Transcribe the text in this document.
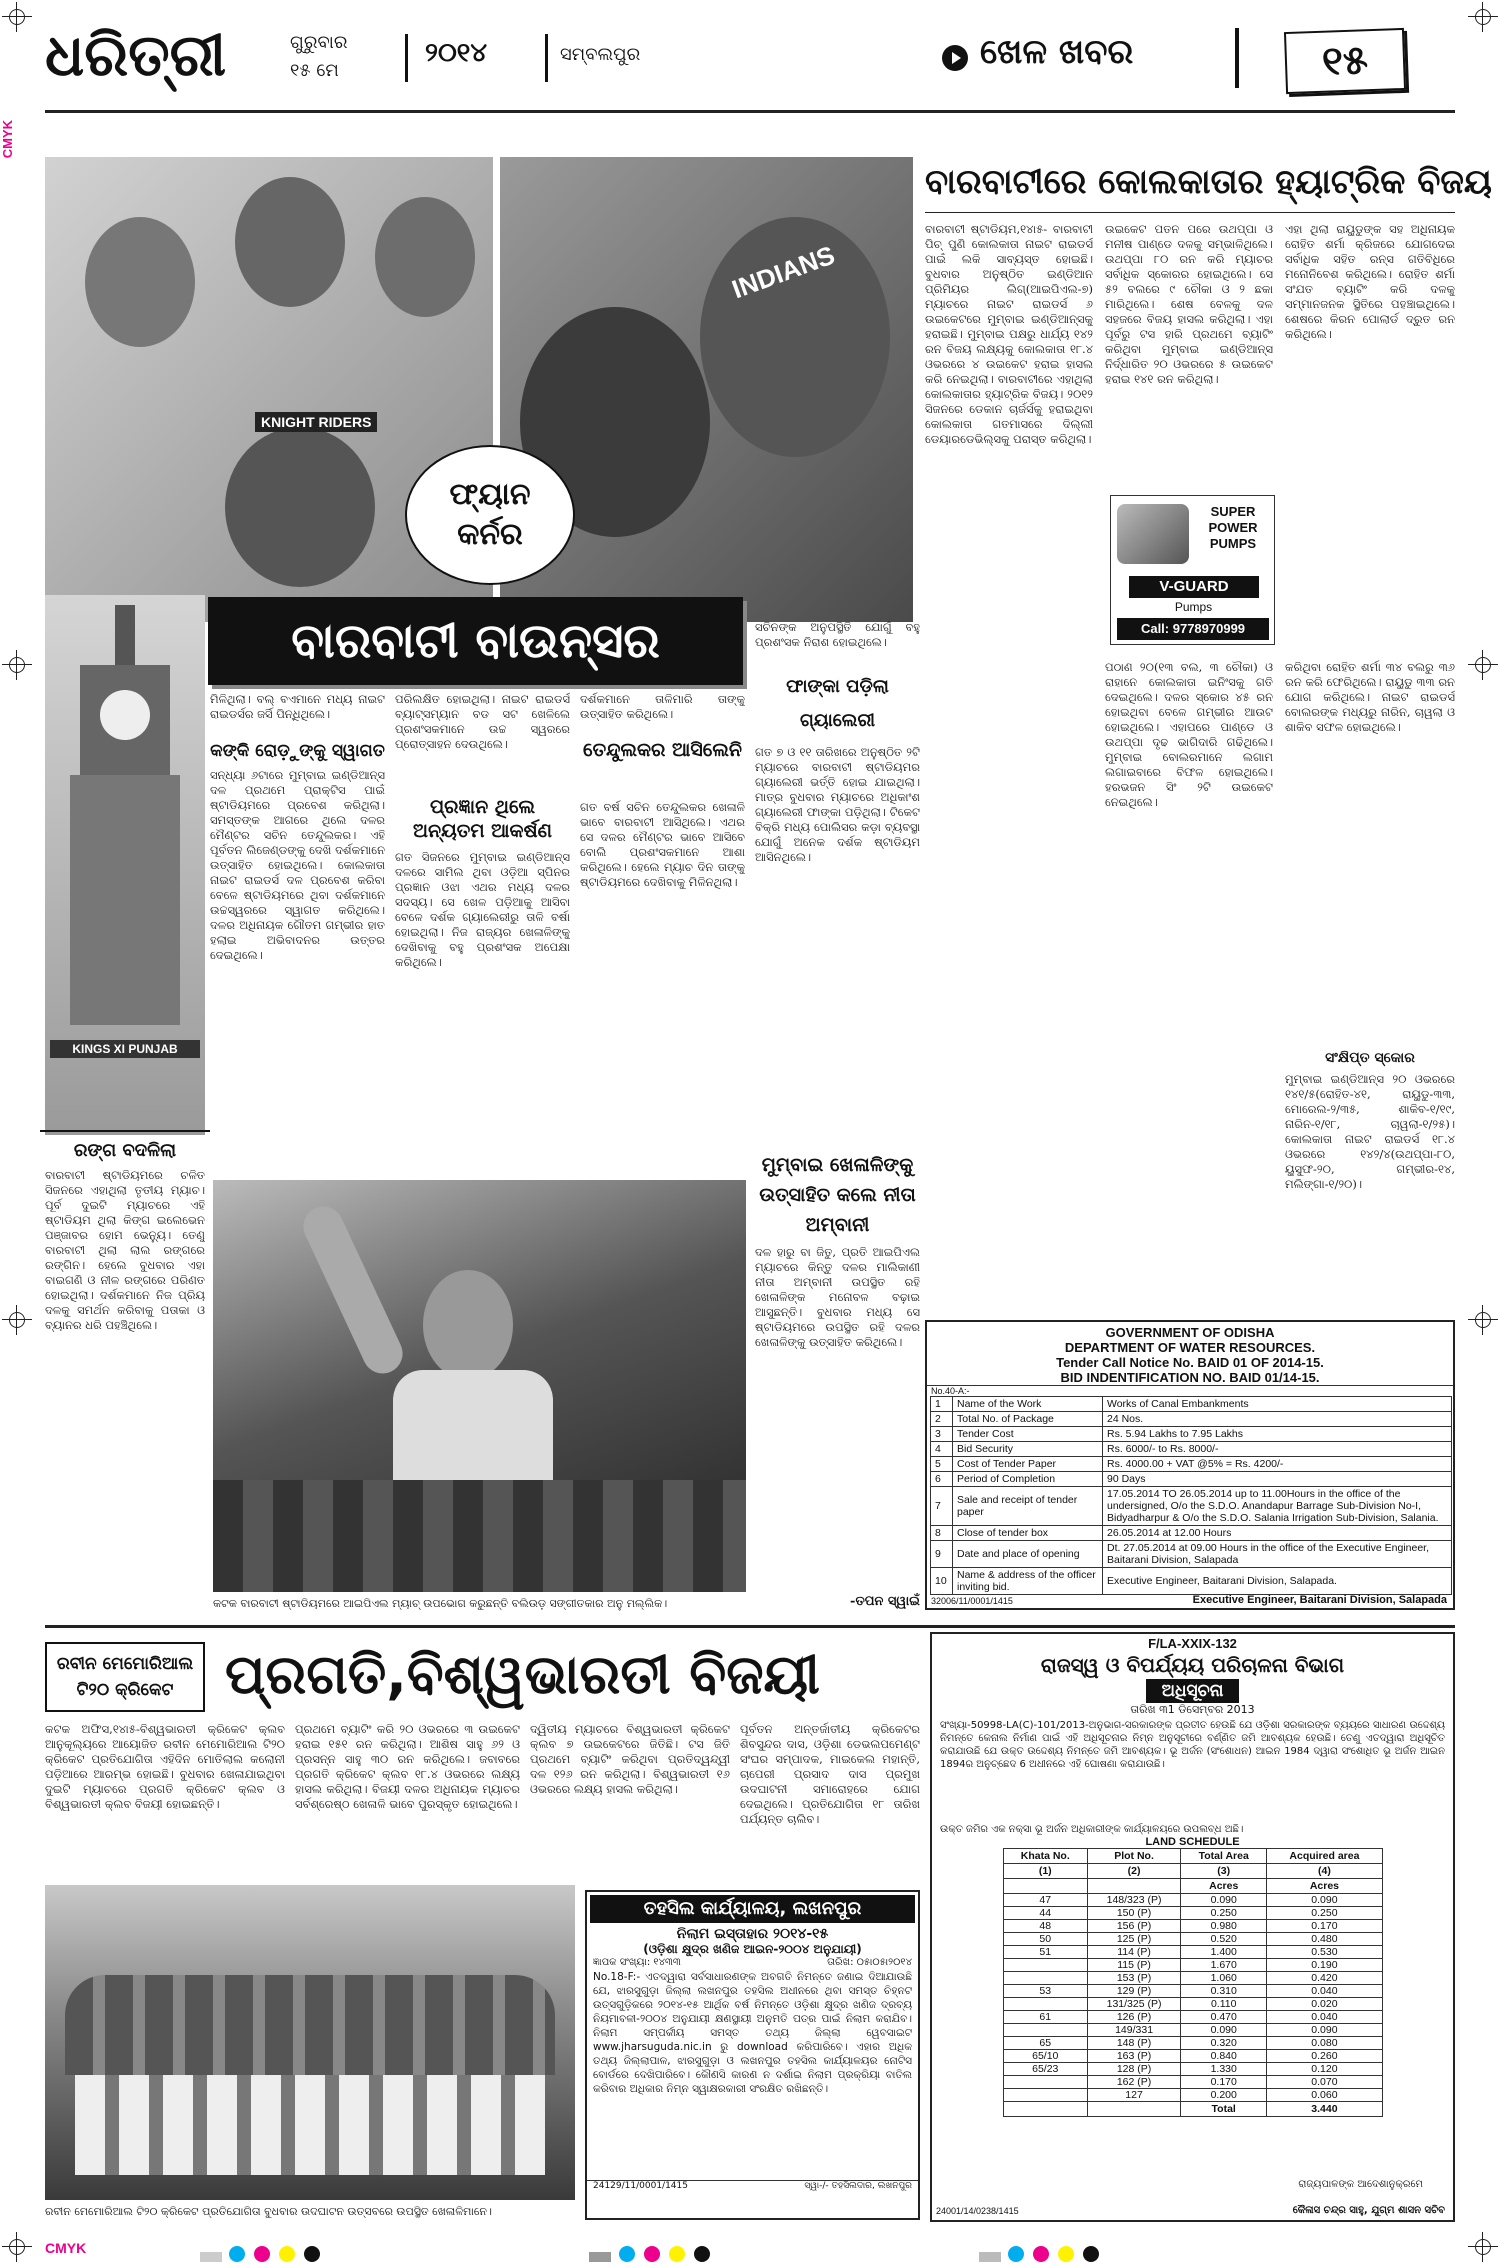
CMYK
ଧରିତ୍ରୀ	ଗୁରୁବାର
୧୫ ମେ
୨୦୧୪	ସମ୍ବଲପୁର	ଖେଳ ଖବର	୧୫
KNIGHT RIDERS
INDIANS
ଫ୍ୟାନ କର୍ନର
ବାରବାଟୀରେ କୋଲକାତାର ହ୍ୟାଟ୍ରିକ ବିଜୟ
ବାରବାଟୀ ଷ୍ଟାଡିୟମ,୧୪ା୫- ବାରବାଟୀ ପିଚ୍ ପୁଣି କୋଲକାତା ନାଇଟ ରାଇଡର୍ସ ପାଇଁ ଲକି ସାବ୍ୟସ୍ତ ହୋଇଛି। ବୁଧବାର ଅନୁଷ୍ଠିତ ଇଣ୍ଡିଆନ ପ୍ରିମିୟର ଲିଗ୍(ଆଇପିଏଲ-୭) ମ୍ୟାଚରେ ନାଇଟ ରାଇଡର୍ସ ୬ ଉଇକେଟରେ ମୁମ୍ବାଇ ଇଣ୍ଡିଆନ୍ସକୁ ହରାଇଛି। ମୁମ୍ବାଇ ପକ୍ଷରୁ ଧାର୍ଯ୍ୟ ୧୪୨ ରନ ବିଜୟ ଲକ୍ଷ୍ୟକୁ କୋଲକାତା ୧୮.୪ ଓଭରରେ ୪ ଉଇକେଟ ହରାଇ ହାସଲ କରି ନେଇଥିଲା। ବାରବାଟୀରେ ଏହାଥିଲା କୋଲକାତାର ହ୍ୟାଟ୍ରିକ ବିଜୟ। ୨୦୧୨ ସିଜନରେ ଡେକାନ ଚାର୍ଜର୍ସକୁ ହରାଇଥିବା କୋଲକାତା ଗତମାସରେ ଦିଲ୍ଲୀ ଡେୟାରଡେଭିଲ୍ସକୁ ପରାସ୍ତ କରିଥିଲା।
ଉଇକେଟ ପତନ ପରେ ଉଥପ୍ପା ଓ ମନୀଷ ପାଣ୍ଡେ ଦଳକୁ ସମ୍ଭାଳିଥିଲେ। ଉଥପ୍ପା ୮୦ ରନ କରି ମ୍ୟାଚର ସର୍ବାଧିକ ସ୍କୋରର ହୋଇଥିଲେ। ସେ ୫୨ ବଲରେ ୯ ଚୌକା ଓ ୨ ଛକା ମାରିଥିଲେ। ଶେଷ ବେଳକୁ ଦଳ ସହଜରେ ବିଜୟ ହାସଲ କରିଥିଲା। ଏହା ପୂର୍ବରୁ ଟସ ହାରି ପ୍ରଥମେ ବ୍ୟାଟିଂ କରିଥିବା ମୁମ୍ବାଇ ଇଣ୍ଡିଆନ୍ସ ନିର୍ଦ୍ଧାରିତ ୨୦ ଓଭରରେ ୫ ଉଇକେଟ ହରାଇ ୧୪୧ ରନ କରିଥିଲା।
ଏହା ଥିଲା ରାୟୁଡୁଙ୍କ ସହ ଅଧିନାୟକ ରୋହିତ ଶର୍ମା କ୍ରିଜରେ ଯୋଗଦେଇ ସର୍ବାଧିକ ସହିତ ରନ୍ସ ଗତିବିଧିରେ ମନୋନିବେଶ କରିଥିଲେ। ରୋହିତ ଶର୍ମା ସଂଯତ ବ୍ୟାଟିଂ କରି ଦଳକୁ ସମ୍ମାନଜନକ ସ୍ଥିତିରେ ପହଞ୍ଚାଇଥିଲେ। ଶେଷରେ କିରନ ପୋଲାର୍ଡ ଦ୍ରୁତ ରନ କରିଥିଲେ।
SUPER POWER PUMPS
V-GUARD
Pumps
Call: 9778970999
ପଠାଣ ୨୦(୧୩ ବଲ, ୩ ଚୌକା) ଓ ରାହାନେ କୋଲକାତା ଇନିଂସକୁ ଗତି ଦେଇଥିଲେ। ଦଳର ସ୍କୋର ୪୫ ରନ ହୋଇଥିବା ବେଳେ ଗମ୍ଭୀର ଆଉଟ ହୋଇଥିଲେ। ଏହାପରେ ପାଣ୍ଡେ ଓ ଉଥପ୍ପା ଦୃଢ ଭାଗିଦାରି ଗଢିଥିଲେ। ମୁମ୍ବାଇ ବୋଲରମାନେ ଲଗାମ ଲଗାଇବାରେ ବିଫଳ ହୋଇଥିଲେ। ହରଭଜନ ସିଂ ୨ଟି ଉଇକେଟ ନେଇଥିଲେ।
କରିଥିବା ରୋହିତ ଶର୍ମା ୩୪ ବଲରୁ ୩୬ ରନ କରି ଫେରିଥିଲେ। ରାୟୁଡୁ ୩୩ ରନ ଯୋଗ କରିଥିଲେ। ନାଇଟ ରାଇଡର୍ସ ବୋଲରଙ୍କ ମଧ୍ୟରୁ ନାରିନ, ଚାୱଲା ଓ ଶାକିବ ସଫଳ ହୋଇଥିଲେ।
ସଂକ୍ଷିପ୍ତ ସ୍କୋର
ମୁମ୍ବାଇ ଇଣ୍ଡିଆନ୍ସ ୨୦ ଓଭରରେ ୧୪୧/୫(ରୋହିତ-୪୧, ରାୟୁଡୁ-୩୩, ମୋରେଲ-୨/୩୫, ଶାକିବ-୧/୧୯, ନାରିନ-୧/୧୮, ଚାୱଲା-୧/୨୫)। କୋଲକାତା ନାଇଟ ରାଇଡର୍ସ ୧୮.୪ ଓଭରରେ ୧୪୨/୪(ଉଥପ୍ପା-୮୦, ୟୁସୁଫ-୨୦, ଗମ୍ଭୀର-୧୪, ମଲିଙ୍ଗା-୧/୨୦)।
KINGS XI PUNJAB
ବାରବାଟୀ ବାଉନ୍ସର
ମିଳିଥିଲା। ବଲ୍ ବଏମାନେ ମଧ୍ୟ ନାଇଟ ରାଇଡର୍ସର ଜର୍ସି ପିନ୍ଧିଥିଲେ।
କଙ୍କି ରୋଡ଼ୁଙ୍କୁ ସ୍ୱାଗତ
ସନ୍ଧ୍ୟା ୬ଟାରେ ମୁମ୍ବାଇ ଇଣ୍ଡିଆନ୍ସ ଦଳ ପ୍ରଥମେ ପ୍ରାକ୍ଟିସ ପାଇଁ ଷ୍ଟାଡିୟମରେ ପ୍ରବେଶ କରିଥିଲା। ସମସ୍ତଙ୍କ ଆଗରେ ଥିଲେ ଦଳର ମୈଣ୍ଟର ସଚିନ ତେନ୍ଦୁଲକର। ଏହି ପୂର୍ବତନ ଲିଜେଣ୍ଡଙ୍କୁ ଦେଖି ଦର୍ଶକମାନେ ଉତ୍ସାହିତ ହୋଇଥିଲେ। କୋଲକାତା ନାଇଟ ରାଇଡର୍ସ ଦଳ ପ୍ରବେଶ କରିବା ବେଳେ ଷ୍ଟାଡିୟମରେ ଥିବା ଦର୍ଶକମାନେ ଉଚ୍ଚସ୍ୱରରେ ସ୍ୱାଗତ କରିଥିଲେ। ଦଳର ଅଧିନାୟକ ଗୌତମ ଗମ୍ଭୀର ହାତ ହଲାଇ ଅଭିବାଦନର ଉତ୍ତର ଦେଇଥିଲେ।
ପରିଲକ୍ଷିତ ହୋଇଥିଲା। ନାଇଟ ରାଇଡର୍ସ ବ୍ୟାଟ୍ସମ୍ୟାନ ବଡ ସଟ ଖେଳିଲେ ପ୍ରଶଂସକମାନେ ଉଚ୍ଚ ସ୍ୱରରେ ପ୍ରୋତ୍ସାହନ ଦେଉଥିଲେ।
ପ୍ରଜ୍ଞାନ ଥିଲେ ଅନ୍ୟତମ ଆକର୍ଷଣ
ଗତ ସିଜନରେ ମୁମ୍ବାଇ ଇଣ୍ଡିଆନ୍ସ ଦଳରେ ସାମିଲ ଥିବା ଓଡ଼ିଆ ସ୍ପିନର ପ୍ରଜ୍ଞାନ ଓଝା ଏଥର ମଧ୍ୟ ଦଳର ସଦସ୍ୟ। ସେ ଖେଳ ପଡ଼ିଆକୁ ଆସିବା ବେଳେ ଦର୍ଶକ ଗ୍ୟାଲେରୀରୁ ତାଳି ବର୍ଷା ହୋଇଥିଲା। ନିଜ ରାଜ୍ୟର ଖେଳାଳିଙ୍କୁ ଦେଖିବାକୁ ବହୁ ପ୍ରଶଂସକ ଅପେକ୍ଷା କରିଥିଲେ।
ଦର୍ଶକମାନେ ତାଳିମାରି ତାଙ୍କୁ ଉତ୍ସାହିତ କରିଥିଲେ।
ତେନ୍ଦୁଲକର ଆସିଲେନି
ଗତ ବର୍ଷ ସଚିନ ତେନ୍ଦୁଲକର ଖେଳାଳି ଭାବେ ବାରବାଟୀ ଆସିଥିଲେ। ଏଥର ସେ ଦଳର ମୈଣ୍ଟର ଭାବେ ଆସିବେ ବୋଲି ପ୍ରଶଂସକମାନେ ଆଶା କରିଥିଲେ। ହେଲେ ମ୍ୟାଚ ଦିନ ତାଙ୍କୁ ଷ୍ଟାଡିୟମରେ ଦେଖିବାକୁ ମିଳିନଥିଲା।
ସଚିନଙ୍କ ଅନୁପସ୍ଥିତି ଯୋଗୁଁ ବହୁ ପ୍ରଶଂସକ ନିରାଶ ହୋଇଥିଲେ।
ଫାଙ୍କା ପଡ଼ିଲା ଗ୍ୟାଲେରୀ
ଗତ ୭ ଓ ୧୧ ତାରିଖରେ ଅନୁଷ୍ଠିତ ୨ଟି ମ୍ୟାଚରେ ବାରବାଟୀ ଷ୍ଟାଡିୟମର ଗ୍ୟାଲେରୀ ଭର୍ତ୍ତି ହୋଇ ଯାଇଥିଲା। ମାତ୍ର ବୁଧବାର ମ୍ୟାଚରେ ଅଧିକାଂଶ ଗ୍ୟାଲେରୀ ଫାଙ୍କା ପଡ଼ିଥିଲା। ଟିକେଟ ବିକ୍ରି ମଧ୍ୟ ପୋଲିସର କଡ଼ା ବ୍ୟବସ୍ଥା ଯୋଗୁଁ ଅନେକ ଦର୍ଶକ ଷ୍ଟାଡିୟମ ଆସିନଥିଲେ।
ରଙ୍ଗ ବଦଳିଲା
ବାରବାଟୀ ଷ୍ଟାଡିୟମରେ ଚଳିତ ସିଜନରେ ଏହାଥିଲା ତୃତୀୟ ମ୍ୟାଚ। ପୂର୍ବ ଦୁଇଟି ମ୍ୟାଚରେ ଏହି ଷ୍ଟାଡିୟମ ଥିଲା କିଙ୍ଗ ଇଲେଭେନ ପଞ୍ଜାବର ହୋମ ଭେନ୍ୟୁ। ତେଣୁ ବାରବାଟୀ ଥିଲା ଲାଲ ରଙ୍ଗରେ ରଙ୍ଗିନ। ହେଲେ ବୁଧବାର ଏହା ବାଇଗଣି ଓ ନୀଳ ରଙ୍ଗରେ ପରିଣତ ହୋଇଥିଲା। ଦର୍ଶକମାନେ ନିଜ ପ୍ରିୟ ଦଳକୁ ସମର୍ଥନ କରିବାକୁ ପତାକା ଓ ବ୍ୟାନର ଧରି ପହଞ୍ଚିଥିଲେ।
କଟକ ବାରବାଟୀ ଷ୍ଟାଡିୟମରେ ଆଇପିଏଲ ମ୍ୟାଚ୍ ଉପଭୋଗ କରୁଛନ୍ତି ବଲିଉଡ଼ ସଙ୍ଗୀତକାର ଅନୁ ମଲ୍ଲିକ।
ମୁମ୍ବାଇ ଖେଳାଳିଙ୍କୁ ଉତ୍ସାହିତ କଲେ ନୀତା ଅମ୍ବାନୀ
ଦଳ ହାରୁ ବା ଜିତୁ, ପ୍ରତି ଆଇପିଏଲ ମ୍ୟାଚରେ କିନ୍ତୁ ଦଳର ମାଲିକାଣୀ ନୀତା ଅମ୍ବାନୀ ଉପସ୍ଥିତ ରହି ଖେଳାଳିଙ୍କ ମନୋବଳ ବଢ଼ାଇ ଆସୁଛନ୍ତି। ବୁଧବାର ମଧ୍ୟ ସେ ଷ୍ଟାଡିୟମରେ ଉପସ୍ଥିତ ରହି ଦଳର ଖେଳାଳିଙ୍କୁ ଉତ୍ସାହିତ କରିଥିଲେ।
-ତପନ ସ୍ୱାଇଁ
GOVERNMENT OF ODISHA
DEPARTMENT OF WATER RESOURCES.
Tender Call Notice No. BAID 01 OF 2014-15.
BID INDENTIFICATION NO. BAID 01/14-15.
No.40-A:-
1	Name of the Work	Works of Canal Embankments
2	Total No. of Package	24 Nos.
3	Tender Cost	Rs. 5.94 Lakhs to 7.95 Lakhs
4	Bid Security	Rs. 6000/- to Rs. 8000/-
5	Cost of Tender Paper	Rs. 4000.00 + VAT @5% = Rs. 4200/-
6	Period of Completion	90 Days
7	Sale and receipt of tender paper	17.05.2014 TO 26.05.2014 up to 11.00Hours in the office of the undersigned, O/o the S.D.O. Anandapur Barrage Sub-Division No-I, Bidyadharpur & O/o the S.D.O. Salania Irrigation Sub-Division, Salania.
8	Close of tender box	26.05.2014 at 12.00 Hours
9	Date and place of opening	Dt. 27.05.2014 at 09.00 Hours in the office of the Executive Engineer, Baitarani Division, Salapada
10	Name & address of the officer inviting bid.	Executive Engineer, Baitarani Division, Salapada.
32006/11/0001/1415	Executive Engineer, Baitarani Division, Salapada
ରବୀନ ମେମୋରିଆଲ ଟି୨୦ କ୍ରିକେଟ ପ୍ରଗତି,ବିଶ୍ୱଭାରତୀ ବିଜୟୀ
କଟକ ଅଫିସ,୧୪ା୫-ବିଶ୍ୱଭାରତୀ କ୍ରିକେଟ କ୍ଲବ ଆନୁକୂଲ୍ୟରେ ଆୟୋଜିତ ରବୀନ ମେମୋରିଆଲ ଟି୨୦ କ୍ରିକେଟ ପ୍ରତିଯୋଗିତା ଏହିଦିନ ମୋତିଲାଲ କଲୋନୀ ପଡ଼ିଆରେ ଆରମ୍ଭ ହୋଇଛି। ବୁଧବାର ଖେଳାଯାଇଥିବା ଦୁଇଟି ମ୍ୟାଚରେ ପ୍ରଗତି କ୍ରିକେଟ କ୍ଲବ ଓ ବିଶ୍ୱଭାରତୀ କ୍ଲବ ବିଜୟୀ ହୋଇଛନ୍ତି।
ପ୍ରଥମେ ବ୍ୟାଟିଂ କରି ୨୦ ଓଭରରେ ୩ ଉଇକେଟ ହରାଇ ୧୫୧ ରନ କରିଥିଲା। ଆଶିଷ ସାହୁ ୬୨ ଓ ପ୍ରସନ୍ନ ସାହୁ ୩୦ ରନ କରିଥିଲେ। ଜବାବରେ ପ୍ରଗତି କ୍ରିକେଟ କ୍ଲବ ୧୮.୪ ଓଭରରେ ଲକ୍ଷ୍ୟ ହାସଲ କରିଥିଲା। ବିଜୟୀ ଦଳର ଅଧିନାୟକ ମ୍ୟାଚର ସର୍ବଶ୍ରେଷ୍ଠ ଖେଳାଳି ଭାବେ ପୁରସ୍କୃତ ହୋଇଥିଲେ।
ଦ୍ୱିତୀୟ ମ୍ୟାଚରେ ବିଶ୍ୱଭାରତୀ କ୍ରିକେଟ କ୍ଲବ ୭ ଉଇକେଟରେ ଜିତିଛି। ଟସ ଜିତି ପ୍ରଥମେ ବ୍ୟାଟିଂ କରିଥିବା ପ୍ରତିଦ୍ୱନ୍ଦ୍ୱୀ ଦଳ ୧୨୬ ରନ କରିଥିଲା। ବିଶ୍ୱଭାରତୀ ୧୬ ଓଭରରେ ଲକ୍ଷ୍ୟ ହାସଲ କରିଥିଲା।
ପୂର୍ବତନ ଅନ୍ତର୍ଜାତୀୟ କ୍ରିକେଟର ଶିବସୁନ୍ଦର ଦାସ, ଓଡ଼ିଶା ଡେଭଲପମେଣ୍ଟ ସଂଘର ସମ୍ପାଦକ, ମାଇକେଲ ମହାନ୍ତି, ଚାପେରୀ ପ୍ରସାଦ ଦାସ ପ୍ରମୁଖ ଉଦଘାଟନୀ ସମାରୋହରେ ଯୋଗ ଦେଇଥିଲେ। ପ୍ରତିଯୋଗିତା ୧୮ ତାରିଖ ପର୍ଯ୍ୟନ୍ତ ଚାଲିବ।
ରବୀନ ମେମୋରିଆଲ ଟି୨୦ କ୍ରିକେଟ ପ୍ରତିଯୋଗିତା ବୁଧବାର ଉଦଘାଟନ ଉତ୍ସବରେ ଉପସ୍ଥିତ ଖେଳାଳିମାନେ।
ତହସିଲ କାର୍ଯ୍ୟାଳୟ, ଲଖନପୁର
ନିଲାମ ଇସ୍ତାହାର ୨୦୧୪-୧୫
(ଓଡ଼ିଶା କ୍ଷୁଦ୍ର ଖଣିଜ ଆଇନ-୨୦୦୪ ଅନୁଯାୟୀ)
ଜ୍ଞାପକ ସଂଖ୍ୟା: ୧୪୩୩	ତାରିଖ: ୦୫ା୦୫ା୨୦୧୪
No.18-F:- ଏତଦ୍ୱାରା ସର୍ବସାଧାରଣଙ୍କ ଅବଗତି ନିମନ୍ତେ ଜଣାଇ ଦିଆଯାଉଛି ଯେ, ଝାରସୁଗୁଡ଼ା ଜିଲ୍ଲା ଲଖନପୁର ତହସିଲ ଅଧୀନରେ ଥିବା ସମସ୍ତ ଚିହ୍ନଟ ଉତ୍ସଗୁଡ଼ିକରେ ୨୦୧୪-୧୫ ଆର୍ଥିକ ବର୍ଷ ନିମନ୍ତେ ଓଡ଼ିଶା କ୍ଷୁଦ୍ର ଖଣିଜ ଦ୍ରବ୍ୟ ନିୟମାବଳୀ-୨୦୦୪ ଅନୁଯାୟୀ କ୍ଷଣସ୍ଥାୟୀ ଅନୁମତି ପତ୍ର ପାଇଁ ନିଲାମ କରାଯିବ। ନିଲାମ ସମ୍ପର୍କୀୟ ସମସ୍ତ ତଥ୍ୟ ଜିଲ୍ଲା ୱେବସାଇଟ www.jharsuguda.nic.in ରୁ download କରିପାରିବେ। ଏହାର ଅଧିକ ତଥ୍ୟ ଜିଲ୍ଲାପାଳ, ଝାରସୁଗୁଡ଼ା ଓ ଲଖନପୁର ତହସିଲ କାର୍ଯ୍ୟାଳୟର ନୋଟିସ ବୋର୍ଡରେ ଦେଖିପାରିବେ। କୌଣସି କାରଣ ନ ଦର୍ଶାଇ ନିଲାମ ପ୍ରକ୍ରିୟା ବାତିଲ କରିବାର ଅଧିକାର ନିମ୍ନ ସ୍ୱାକ୍ଷରକାରୀ ସଂରକ୍ଷିତ ରଖିଛନ୍ତି।
24129/11/0001/1415	ସ୍ୱା-/- ତହସିଲଦାର, ଲଖନପୁର
F/LA-XXIX-132
ରାଜସ୍ୱ ଓ ବିପର୍ଯ୍ୟୟ ପରିଚାଳନା ବିଭାଗ
ଅଧିସୂଚନା
ତାରିଖ ୩1 ଡିସେମ୍ବର 2013
ସଂଖ୍ୟା-50998-LA(C)-101/2013-ଅନୁଭାଗ-ସରକାରଙ୍କ ପ୍ରତୀତ ହେଉଛି ଯେ ଓଡ଼ିଶା ସରକାରଙ୍କ ବ୍ୟୟରେ ସାଧାରଣ ଉଦ୍ଦେଶ୍ୟ ନିମନ୍ତେ କେନାଲ ନିର୍ମାଣ ପାଇଁ ଏହି ଅଧିସୂଚନାର ନିମ୍ନ ଅନୁସୂଚୀରେ ବର୍ଣ୍ଣିତ ଜମି ଆବଶ୍ୟକ ହେଉଛି। ତେଣୁ ଏତଦ୍ୱାରା ଅଧିସୂଚିତ କରାଯାଉଛି ଯେ ଉକ୍ତ ଉଦ୍ଦେଶ୍ୟ ନିମନ୍ତେ ଜମି ଆବଶ୍ୟକ। ଭୂ ଅର୍ଜନ (ସଂଶୋଧନ) ଆଇନ 1984 ଦ୍ୱାରା ସଂଶୋଧିତ ଭୂ ଅର୍ଜନ ଆଇନ 1894ର ଅନୁଚ୍ଛେଦ 6 ଅଧୀନରେ ଏହି ଘୋଷଣା କରାଯାଉଛି।
ଉକ୍ତ ଜମିର ଏକ ନକ୍ସା ଭୂ ଅର୍ଜନ ଅଧିକାରୀଙ୍କ କାର୍ଯ୍ୟାଳୟରେ ଉପଲବ୍ଧ ଅଛି।
LAND SCHEDULE
Khata No.	Plot No.	Total Area	Acquired area
(1)	(2)	(3)	(4)
		Acres	Acres
47	148/323 (P)	0.090	0.090
44	150 (P)	0.250	0.250
48	156 (P)	0.980	0.170
50	125 (P)	0.520	0.480
51	114 (P)	1.400	0.530
	115 (P)	1.670	0.190
	153 (P)	1.060	0.420
53	129 (P)	0.310	0.040
	131/325 (P)	0.110	0.020
61	126 (P)	0.470	0.040
	149/331	0.090	0.090
65	148 (P)	0.320	0.080
65/10	163 (P)	0.840	0.260
65/23	128 (P)	1.330	0.120
	162 (P)	0.170	0.070
	127	0.200	0.060
		Total	3.440
ରାଜ୍ୟପାଳଙ୍କ ଆଦେଶାନୁକ୍ରମେ
24001/14/0238/1415	କୈଳାସ ଚନ୍ଦ୍ର ସାହୁ, ଯୁଗ୍ମ ଶାସନ ସଚିବ
CMYK
